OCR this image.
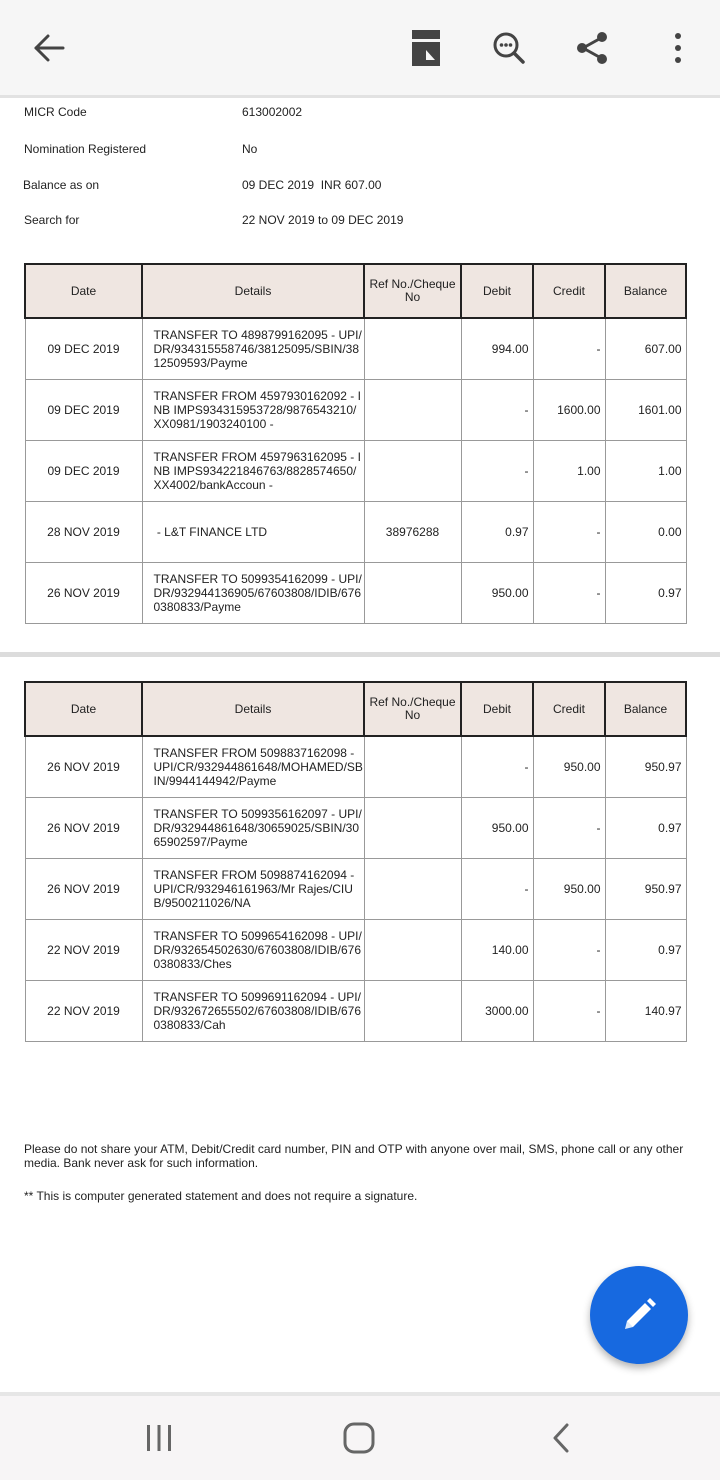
MICR Code	613002002
Nomination Registered	No
Balance as on	09 DEC 2019  INR 607.00
Search for	22 NOV 2019 to 09 DEC 2019
Date	Details	Ref No./Cheque No	Debit	Credit	Balance
09 DEC 2019	TRANSFER TO 4898799162095 - UPI/DR/934315558746/38125095/SBIN/3812509593/Payme		994.00	-	607.00
09 DEC 2019	TRANSFER FROM 4597930162092 - INB IMPS934315953728/9876543210/XX0981/1903240100 -		-	1600.00	1601.00
09 DEC 2019	TRANSFER FROM 4597963162095 - INB IMPS934221846763/8828574650/XX4002/bankAccoun -		-	1.00	1.00
28 NOV 2019	- L&T FINANCE LTD	38976288	0.97	-	0.00
26 NOV 2019	TRANSFER TO 5099354162099 - UPI/DR/932944136905/67603808/IDIB/6760380833/Payme		950.00	-	0.97
Date	Details	Ref No./Cheque No	Debit	Credit	Balance
26 NOV 2019	TRANSFER FROM 5098837162098 - UPI/CR/932944861648/MOHAMED/SBIN/9944144942/Payme		-	950.00	950.97
26 NOV 2019	TRANSFER TO 5099356162097 - UPI/DR/932944861648/30659025/SBIN/3065902597/Payme		950.00	-	0.97
26 NOV 2019	TRANSFER FROM 5098874162094 - UPI/CR/932946161963/Mr Rajes/CIUB/9500211026/NA		-	950.00	950.97
22 NOV 2019	TRANSFER TO 5099654162098 - UPI/DR/932654502630/67603808/IDIB/6760380833/Ches		140.00	-	0.97
22 NOV 2019	TRANSFER TO 5099691162094 - UPI/DR/932672655502/67603808/IDIB/6760380833/Cah		3000.00	-	140.97
Please do not share your ATM, Debit/Credit card number, PIN and OTP with anyone over mail, SMS, phone call or any other media. Bank never ask for such information.
** This is computer generated statement and does not require a signature.
